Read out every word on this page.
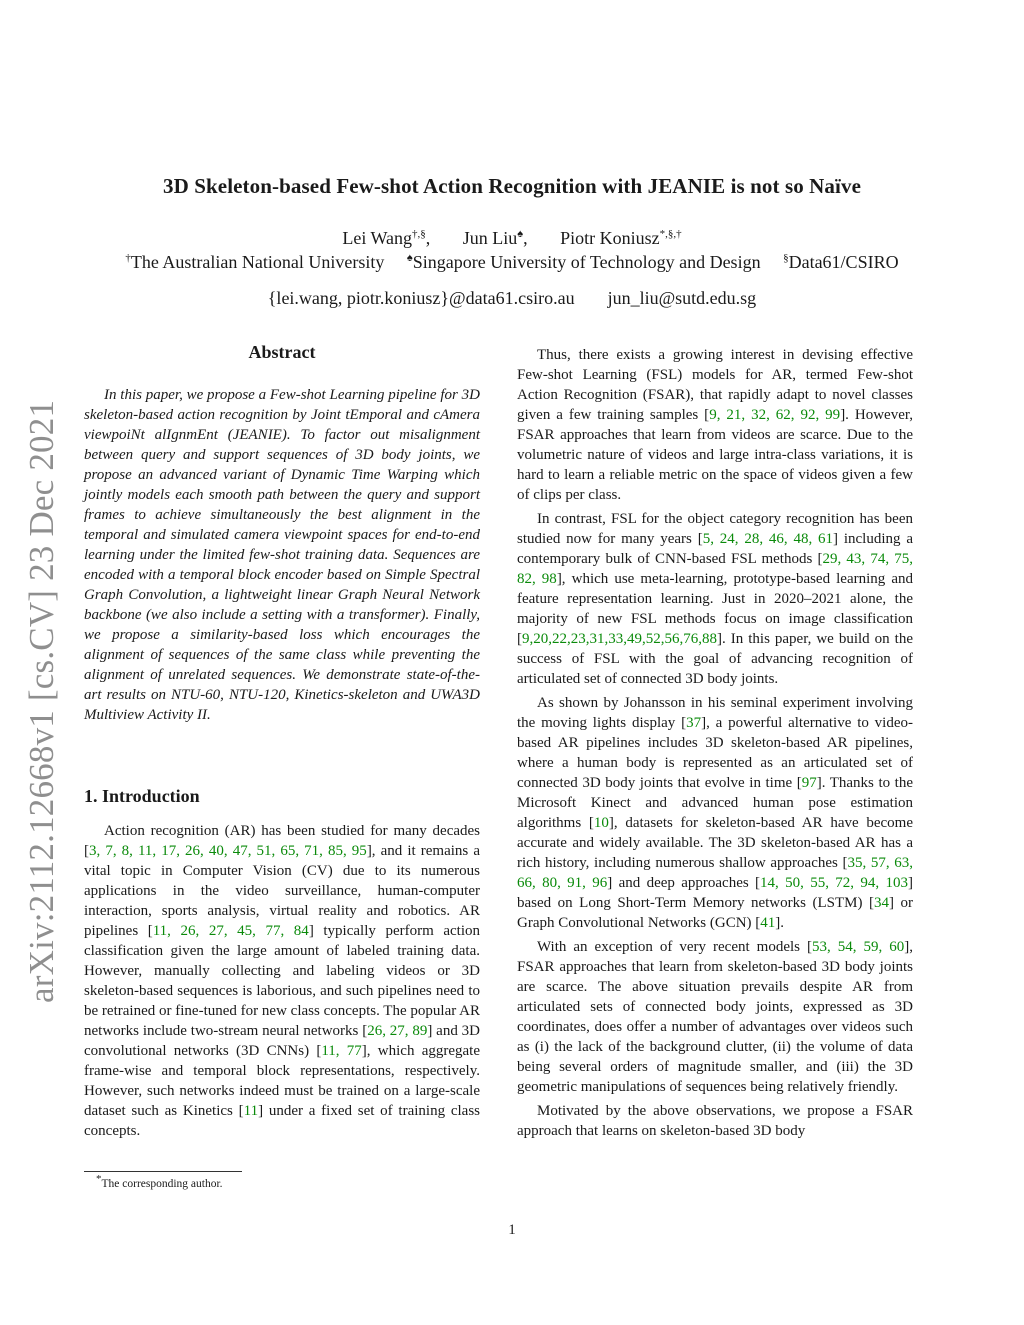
3D Skeleton-based Few-shot Action Recognition with JEANIE is not so Naïve
Lei Wang†,§, Jun Liu♠, Piotr Koniusz*,§,†
†The Australian National University ♠Singapore University of Technology and Design §Data61/CSIRO
{lei.wang, piotr.koniusz}@data61.csiro.au jun_liu@sutd.edu.sg
arXiv:2112.12668v1 [cs.CV] 23 Dec 2021
Abstract
In this paper, we propose a Few-shot Learning pipeline for 3D skeleton-based action recognition by Joint tEmporal and cAmera viewpoiNt alIgnmEnt (JEANIE). To factor out misalignment between query and support sequences of 3D body joints, we propose an advanced variant of Dynamic Time Warping which jointly models each smooth path between the query and support frames to achieve simultaneously the best alignment in the temporal and simulated camera viewpoint spaces for end-to-end learning under the limited few-shot training data. Sequences are encoded with a temporal block encoder based on Simple Spectral Graph Convolution, a lightweight linear Graph Neural Network backbone (we also include a setting with a transformer). Finally, we propose a similarity-based loss which encourages the alignment of sequences of the same class while preventing the alignment of unrelated sequences. We demonstrate state-of-the-art results on NTU-60, NTU-120, Kinetics-skeleton and UWA3D Multiview Activity II.
1. Introduction
Action recognition (AR) has been studied for many decades [3, 7, 8, 11, 17, 26, 40, 47, 51, 65, 71, 85, 95], and it remains a vital topic in Computer Vision (CV) due to its numerous applications in the video surveillance, human-computer interaction, sports analysis, virtual reality and robotics. AR pipelines [11, 26, 27, 45, 77, 84] typically perform action classification given the large amount of labeled training data. However, manually collecting and labeling videos or 3D skeleton-based sequences is laborious, and such pipelines need to be retrained or fine-tuned for new class concepts. The popular AR networks include two-stream neural networks [26, 27, 89] and 3D convolutional networks (3D CNNs) [11, 77], which aggregate frame-wise and temporal block representations, respectively. However, such networks indeed must be trained on a large-scale dataset such as Kinetics [11] under a fixed set of training class concepts.

Thus, there exists a growing interest in devising effective Few-shot Learning (FSL) models for AR, termed Few-shot Action Recognition (FSAR), that rapidly adapt to novel classes given a few training samples [9, 21, 32, 62, 92, 99]. However, FSAR approaches that learn from videos are scarce. Due to the volumetric nature of videos and large intra-class variations, it is hard to learn a reliable metric on the space of videos given a few of clips per class.

In contrast, FSL for the object category recognition has been studied now for many years [5, 24, 28, 46, 48, 61] including a contemporary bulk of CNN-based FSL methods [29, 43, 74, 75, 82, 98], which use meta-learning, prototype-based learning and feature representation learning. Just in 2020–2021 alone, the majority of new FSL methods focus on image classification [9,20,22,23,31,33,49,52,56,76,88]. In this paper, we build on the success of FSL with the goal of advancing recognition of articulated set of connected 3D body joints.

As shown by Johansson in his seminal experiment involving the moving lights display [37], a powerful alternative to video-based AR pipelines includes 3D skeleton-based AR pipelines, where a human body is represented as an articulated set of connected 3D body joints that evolve in time [97]. Thanks to the Microsoft Kinect and advanced human pose estimation algorithms [10], datasets for skeleton-based AR have become accurate and widely available. The 3D skeleton-based AR has a rich history, including numerous shallow approaches [35, 57, 63, 66, 80, 91, 96] and deep approaches [14, 50, 55, 72, 94, 103] based on Long Short-Term Memory networks (LSTM) [34] or Graph Convolutional Networks (GCN) [41].

With an exception of very recent models [53, 54, 59, 60], FSAR approaches that learn from skeleton-based 3D body joints are scarce. The above situation prevails despite AR from articulated sets of connected body joints, expressed as 3D coordinates, does offer a number of advantages over videos such as (i) the lack of the background clutter, (ii) the volume of data being several orders of magnitude smaller, and (iii) the 3D geometric manipulations of sequences being relatively friendly.

Motivated by the above observations, we propose a FSAR approach that learns on skeleton-based 3D body

*The corresponding author.
1
